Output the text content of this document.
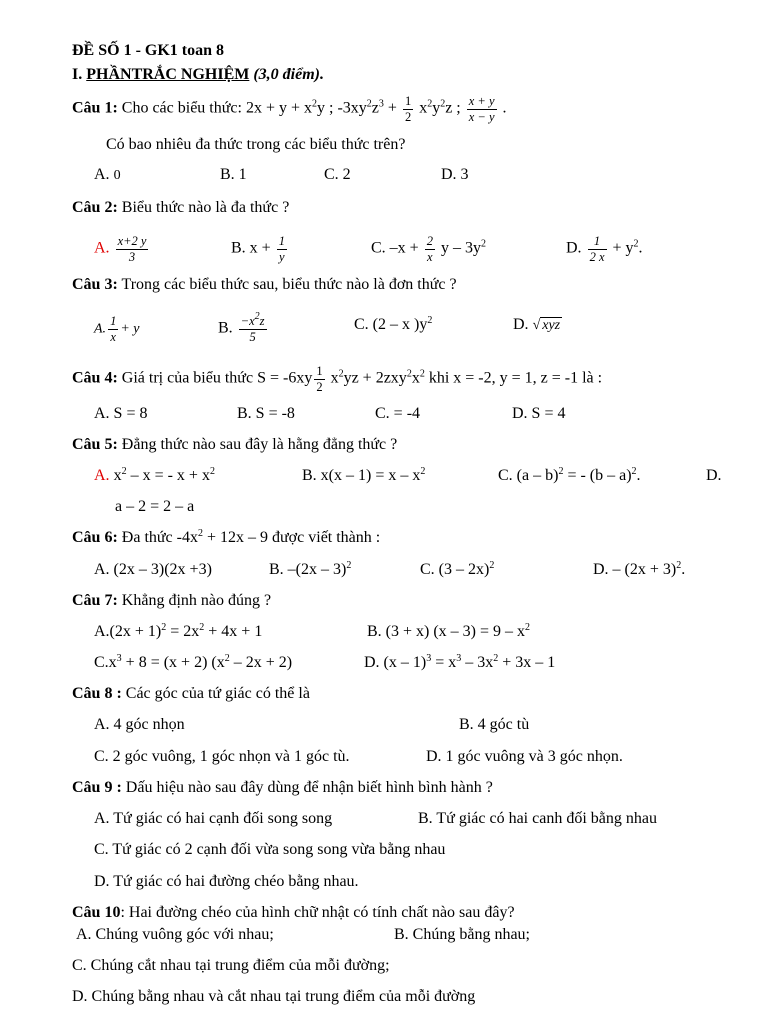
ĐỀ SỐ 1 - GK1 toan 8
I. PHẦNTRẮC NGHIỆM (3,0 điểm).
Câu 1: Cho các biểu thức: $2x + y + x^2y$ ; $-3xy^2z^3 + \frac{1}{2} x^2y^2z$ ; $\frac{x + y}{x - y}$ .
Có bao nhiêu đa thức trong các biểu thức trên?
A. 0	B. 1	C. 2	D. 3
Câu 2: Biểu thức nào là đa thức ?
A. $\frac{x+2 y}{3}$	B. $x + \frac{1}{y}$	C. $-x + \frac{2}{x}$ y – $3y^2$	D. $\frac{1}{2 x} + y^2$.
Câu 3: Trong các biểu thức sau, biểu thức nào là đơn thức ?
A. $\frac{1}{x} + y$	B. $\frac{-x^2z}{5}$	C. (2 – x )$y^2$	D. √ xyz
Câu 4: Giá trị của biểu thức $S = -6xy \frac{1}{2} x^2yz + 2zxy^2x^2$ khi x = -2, y = 1, z = -1 là :
A. S = 8	B. S = -8	C. = -4	D. S = 4
Câu 5: Đẳng thức nào sau đây là hằng đẳng thức ?
A. $x^2$ – x = - $x + x^2$	B. $x(x - 1) = x - x^2$	C. (a – b)$^2$ = - (b – a)$^2$.	D.
a – 2 = 2 – a
Câu 6: Đa thức $-4x^2 + 12x - 9$ được viết thành :
A. (2x – 3)(2x +3)	B. –(2x – 3)$^2$	C. (3 – 2x)$^2$	D. – $(2x + 3)^2$.
Câu 7: Khẳng định nào đúng ?
$A.(2x + 1)^2 = 2x^2 + 4x + 1$	B. (3 + x) $(x - 3) = 9 - x^2$
$C.x^3 + 8 = (x + 2)$ $(x^2 - 2x + 2)$	D. $(x - 1)^3 = x^3 - 3x^2 + 3x - 1$
Câu 8 : Các góc của tứ giác có thể là
A. 4 góc nhọn	B. 4 góc tù
C. 2 góc vuông, 1 góc nhọn và 1 góc tù.	D. 1 góc vuông và 3 góc nhọn.
Câu 9 : Dấu hiệu nào sau đây dùng để nhận biết hình bình hành ?
A. Tứ giác có hai cạnh đối song song	B. Tứ giác có hai canh đối bằng nhau
C. Tứ giác có 2 cạnh đối vừa song song vừa bằng nhau
D. Tứ giác có hai đường chéo bằng nhau.
Câu 10: Hai đường chéo của hình chữ nhật có tính chất nào sau đây?
A. Chúng vuông góc với nhau;	B. Chúng bằng nhau;
C. Chúng cắt nhau tại trung điểm của mỗi đường;
D. Chúng bằng nhau và cắt nhau tại trung điểm của mỗi đường
